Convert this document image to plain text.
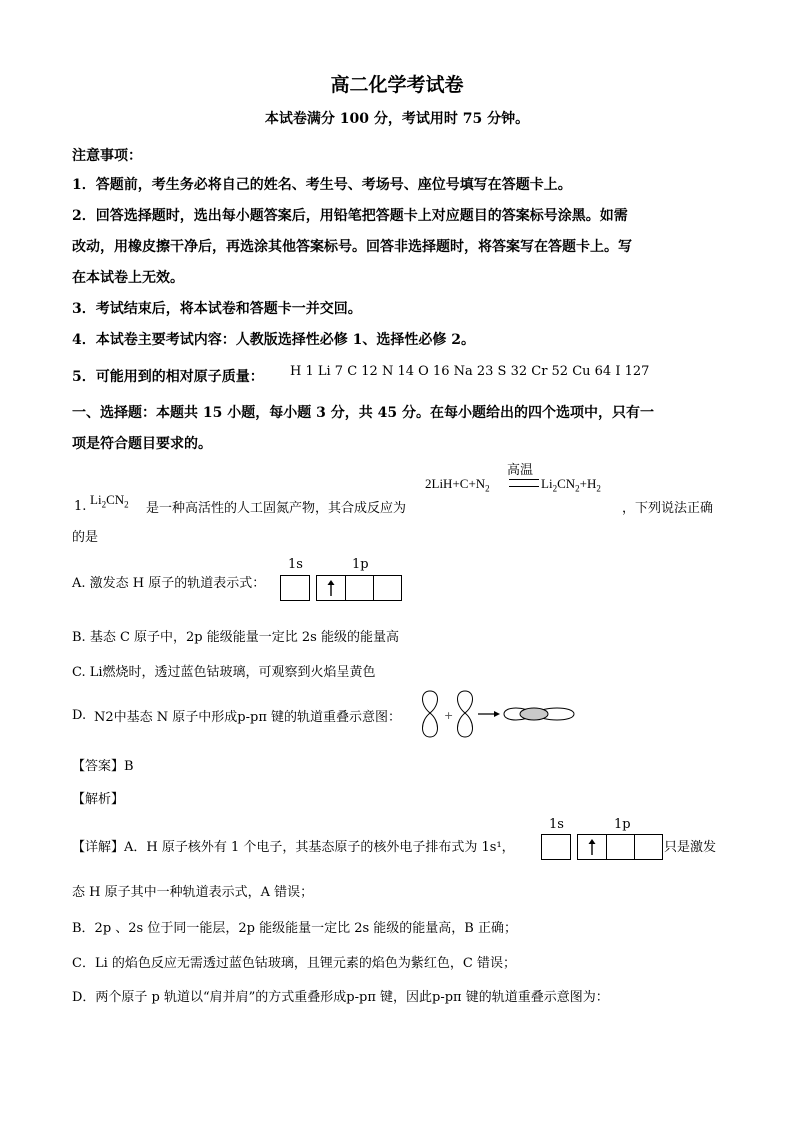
高二化学考试卷
本试卷满分 100 分，考试用时 75 分钟。
注意事项：
1．答题前，考生务必将自己的姓名、考生号、考场号、座位号填写在答题卡上。
2．回答选择题时，选出每小题答案后，用铅笔把答题卡上对应题目的答案标号涂黑。如需
改动，用橡皮擦干净后，再选涂其他答案标号。回答非选择题时，将答案写在答题卡上。写
在本试卷上无效。
3．考试结束后，将本试卷和答题卡一并交回。
4．本试卷主要考试内容：人教版选择性必修 1、选择性必修 2。
5．可能用到的相对原子质量： H 1 Li 7 C 12 N 14 O 16 Na 23 S 32 Cr 52 Cu 64 I 127
一、选择题：本题共 15 小题，每小题 3 分，共 45 分。在每小题给出的四个选项中，只有一
项是符合题目要求的。
1. $Li_2CN_2$ 是一种高活性的人工固氮产物，其合成反应为
高温
$2LiH+C+N_2$	$Li_2CN_2+H_2$
，下列说法正确
的是
A. 激发态 H 原子的轨道表示式：
1s	1p
B. 基态 C 原子中，2p 能级能量一定比 2s 能级的能量高
C. Li燃烧时，透过蓝色钴玻璃，可观察到火焰呈黄色
D. N2中基态 N 原子中形成p-pπ 键的轨道重叠示意图：	+
【答案】B
【解析】
【详解】A．H 原子核外有 1 个电子，其基态原子的核外电子排布式为 1s¹，
1s	1p
只是激发
态 H 原子其中一种轨道表示式，A 错误；
B．2p 、2s 位于同一能层，2p 能级能量一定比 2s 能级的能量高，B 正确；
C．Li 的焰色反应无需透过蓝色钴玻璃，且锂元素的焰色为紫红色，C 错误；
D．两个原子 p 轨道以“肩并肩”的方式重叠形成p-pπ 键，因此p-pπ 键的轨道重叠示意图为：
